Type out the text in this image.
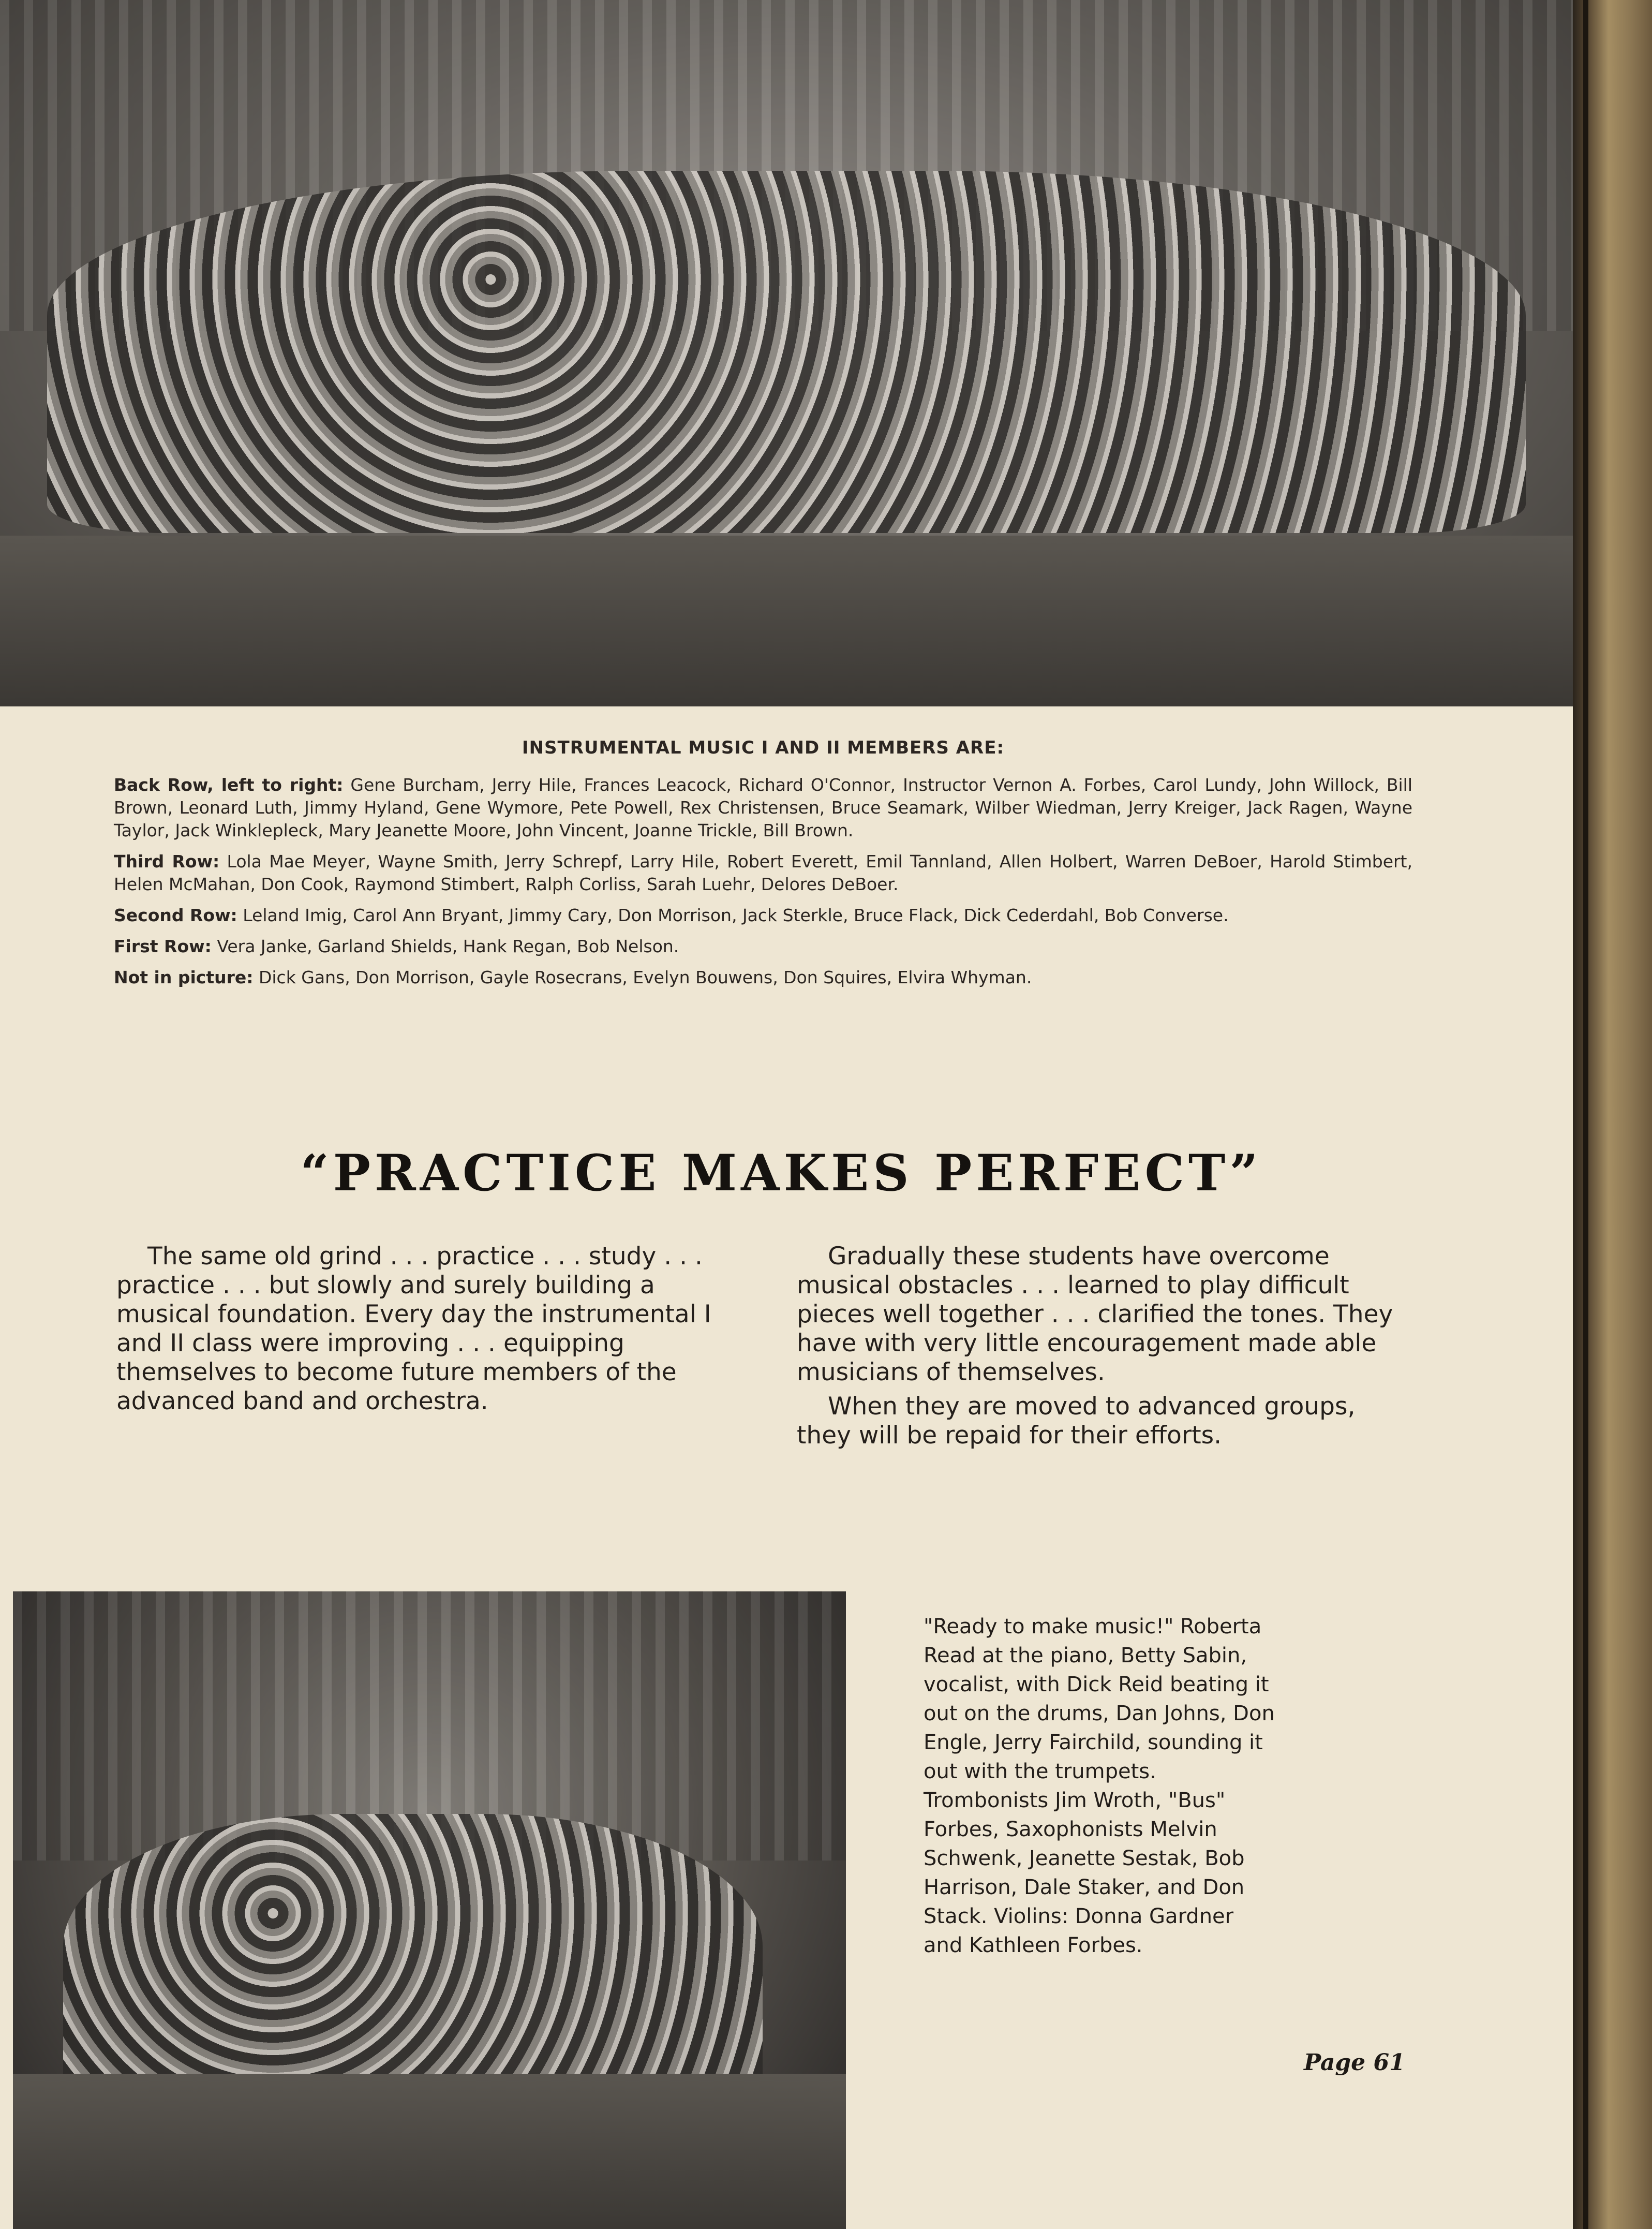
INSTRUMENTAL MUSIC I AND II MEMBERS ARE:

Back Row, left to right: Gene Burcham, Jerry Hile, Frances Leacock, Richard O'Connor, Instructor Vernon A. Forbes, Carol Lundy, John Willock, Bill Brown, Leonard Luth, Jimmy Hyland, Gene Wymore, Pete Powell, Rex Christensen, Bruce Seamark, Wilber Wiedman, Jerry Kreiger, Jack Ragen, Wayne Taylor, Jack Winklepleck, Mary Jeanette Moore, John Vincent, Joanne Trickle, Bill Brown.

Third Row: Lola Mae Meyer, Wayne Smith, Jerry Schrepf, Larry Hile, Robert Everett, Emil Tannland, Allen Holbert, Warren DeBoer, Harold Stimbert, Helen McMahan, Don Cook, Raymond Stimbert, Ralph Corliss, Sarah Luehr, Delores DeBoer.

Second Row: Leland Imig, Carol Ann Bryant, Jimmy Cary, Don Morrison, Jack Sterkle, Bruce Flack, Dick Cederdahl, Bob Converse.

First Row: Vera Janke, Garland Shields, Hank Regan, Bob Nelson.

Not in picture: Dick Gans, Don Morrison, Gayle Rosecrans, Evelyn Bouwens, Don Squires, Elvira Whyman.

“PRACTICE MAKES PERFECT”

The same old grind . . . practice . . . study . . . practice . . . but slowly and surely building a musical foundation. Every day the instrumental I and II class were improving . . . equipping themselves to become future members of the advanced band and orchestra.

Gradually these students have overcome musical obstacles . . . learned to play difficult pieces well together . . . clarified the tones. They have with very little encouragement made able musicians of themselves.

When they are moved to advanced groups, they will be repaid for their efforts.

"Ready to make music!" Roberta Read at the piano, Betty Sabin, vocalist, with Dick Reid beating it out on the drums, Dan Johns, Don Engle, Jerry Fairchild, sounding it out with the trumpets. Trombonists Jim Wroth, "Bus" Forbes, Saxophonists Melvin Schwenk, Jeanette Sestak, Bob Harrison, Dale Staker, and Don Stack. Violins: Donna Gardner and Kathleen Forbes.
Page 61
